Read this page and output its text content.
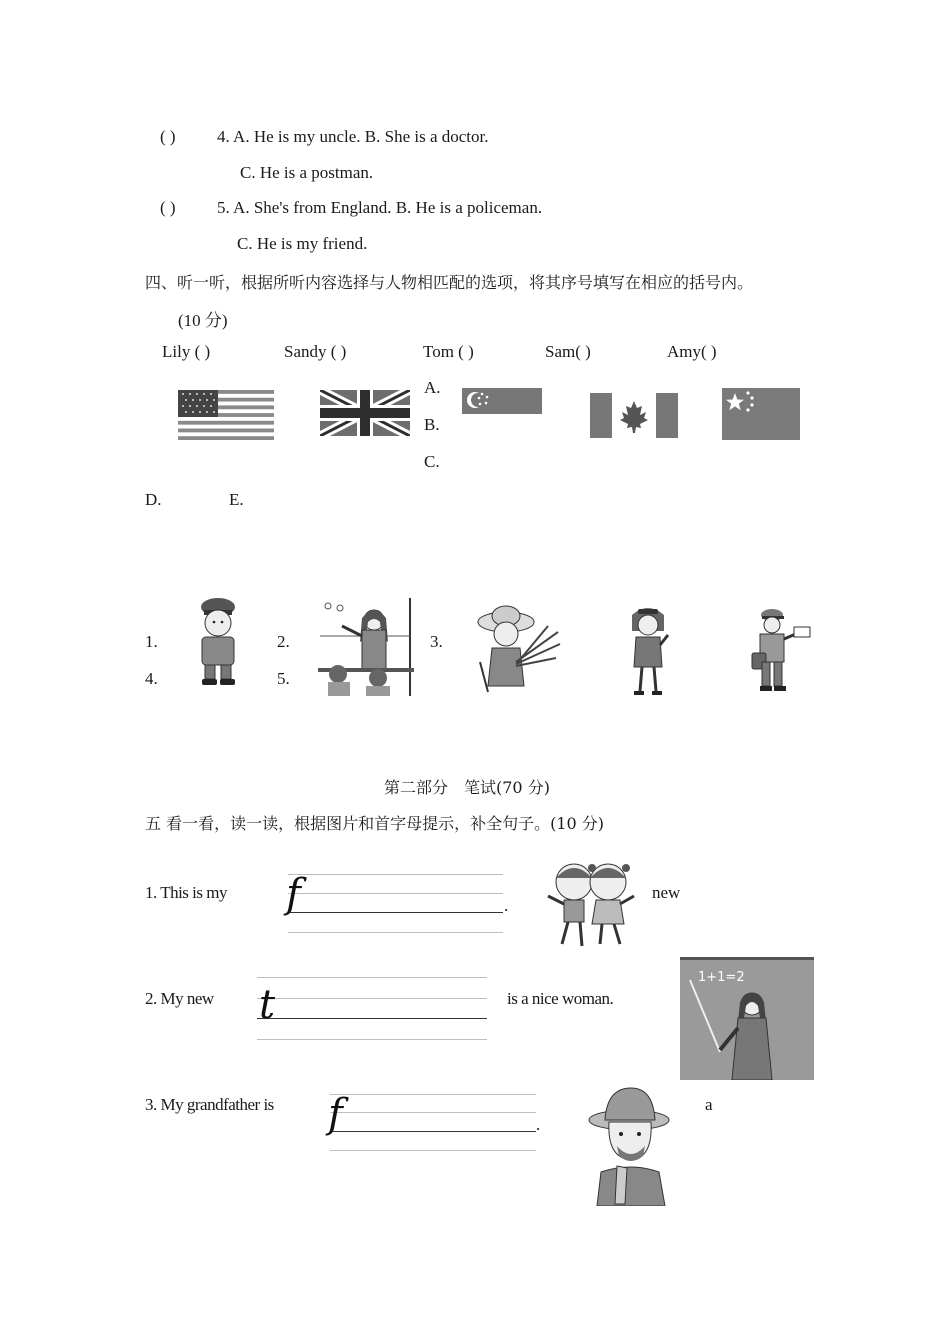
( ) 4. A. He is my uncle. B. She is a doctor.
C. He is a postman.
( ) 5. A. She's from England. B. He is a policeman.
C. He is my friend.
四、听一听，根据所听内容选择与人物相匹配的选项，将其序号填写在相应的括号内。
(10 分)
Lily ( )	Sandy ( )	Tom ( )	Sam( )	Amy( )
A.
B.
C.
D.	E.
1.	2.	3.
4.	5.
第二部分　笔试(70 分)
五 看一看，读一读，根据图片和首字母提示，补全句子。(10 分)
1. This is my f	.
new
2. My new t	is a nice woman.
1+1=2
3. My grandfather is f	.
a
